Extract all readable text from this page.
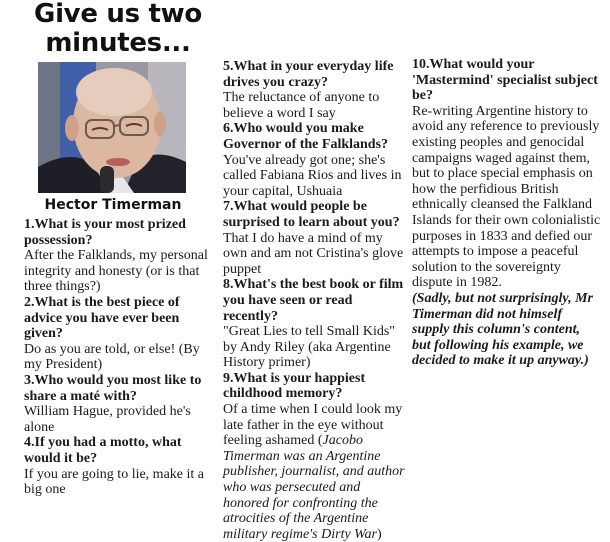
Give us two
minutes...
Hector Timerman
1.What is your most prized possession?
After the Falklands, my personal integrity and honesty (or is that three things?)
2.What is the best piece of advice you have ever been given?
Do as you are told, or else! (By my President)
3.Who would you most like to share a maté with?
William Hague, provided he's alone
4.If you had a motto, what would it be?
If you are going to lie, make it a big one
5.What in your everyday life drives you crazy?
The reluctance of anyone to believe a word I say
6.Who would you make Governor of the Falklands?
You've already got one; she's called Fabiana Rios and lives in your capital, Ushuaia
7.What would people be surprised to learn about you?
That I do have a mind of my own and am not Cristina's glove puppet
8.What's the best book or film you have seen or read recently?
"Great Lies to tell Small Kids" by Andy Riley (aka Argentine History primer)
9.What is your happiest childhood memory?
Of a time when I could look my late father in the eye without feeling ashamed (Jacobo Timerman was an Argentine publisher, journalist, and author who was persecuted and honored for confronting the atrocities of the Argentine military regime's Dirty War)
10.What would your 'Mastermind' specialist subject be?
Re-writing Argentine history to avoid any reference to previously existing peoples and genocidal campaigns waged against them, but to place special emphasis on how the perfidious British ethnically cleansed the Falkland Islands for their own colonialistic purposes in 1833 and defied our attempts to impose a peaceful solution to the sovereignty dispute in 1982.
(Sadly, but not surprisingly, Mr Timerman did not himself supply this column's content, but following his example, we decided to make it up anyway.)
